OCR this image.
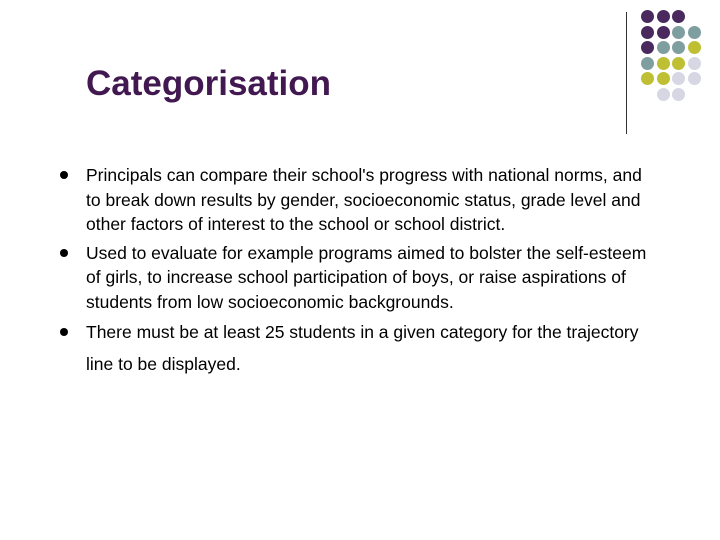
Categorisation
Principals can compare their school's progress with national norms, and to break down results by gender, socioeconomic status, grade level and other factors of interest to the school or school district.
Used to evaluate for example programs aimed to bolster the self-esteem of girls, to increase school participation of boys, or raise aspirations of students from low socioeconomic backgrounds.
There must be at least 25 students in a given category for the trajectory line to be displayed.
